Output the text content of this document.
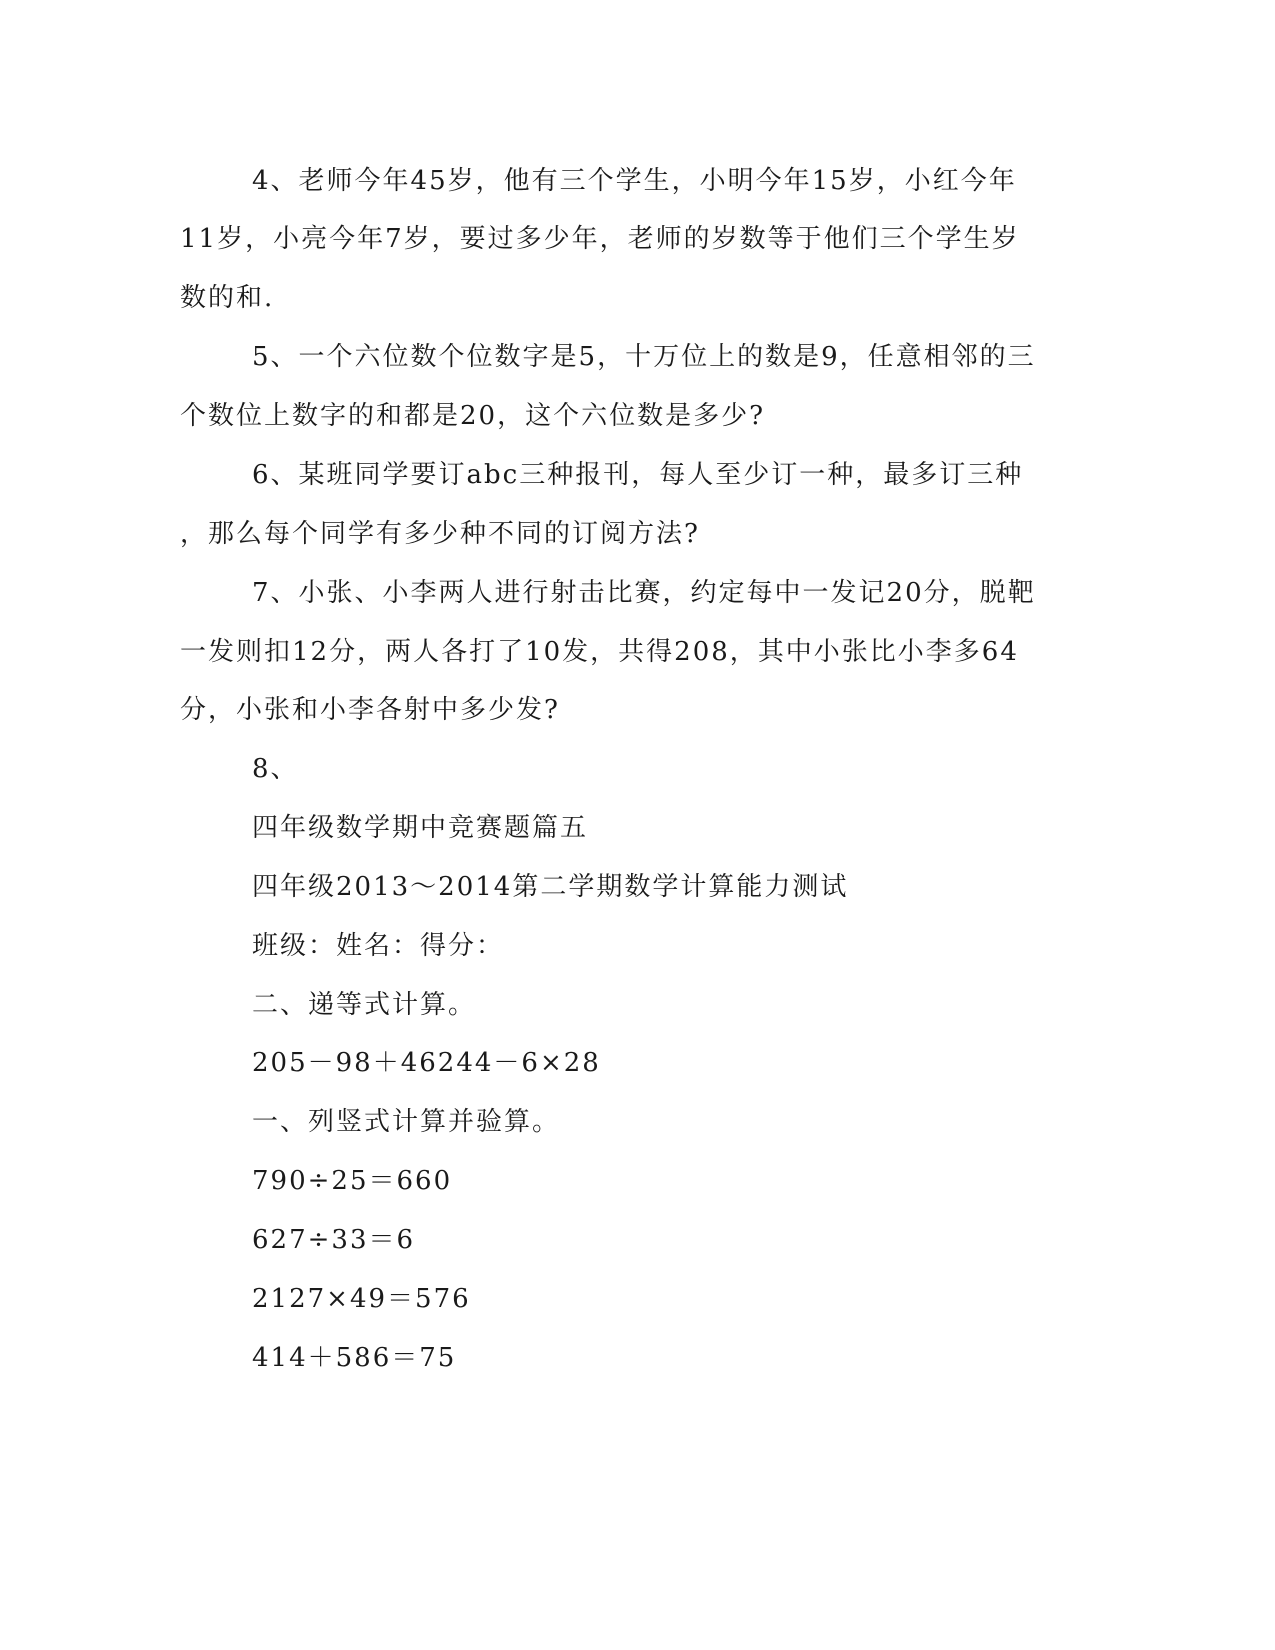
4、老师今年45岁，他有三个学生，小明今年15岁，小红今年
11岁，小亮今年7岁，要过多少年，老师的岁数等于他们三个学生岁
数的和.
5、一个六位数个位数字是5，十万位上的数是9，任意相邻的三
个数位上数字的和都是20，这个六位数是多少?
6、某班同学要订abc三种报刊，每人至少订一种，最多订三种
，那么每个同学有多少种不同的订阅方法?
7、小张、小李两人进行射击比赛，约定每中一发记20分，脱靶
一发则扣12分，两人各打了10发，共得208，其中小张比小李多64
分，小张和小李各射中多少发?
8、
四年级数学期中竞赛题篇五
四年级2013～2014第二学期数学计算能力测试
班级：姓名：得分：
二、递等式计算。
205－98＋46244－6×28
一、列竖式计算并验算。
790÷25＝660
627÷33＝6
2127×49＝576
414＋586＝75
